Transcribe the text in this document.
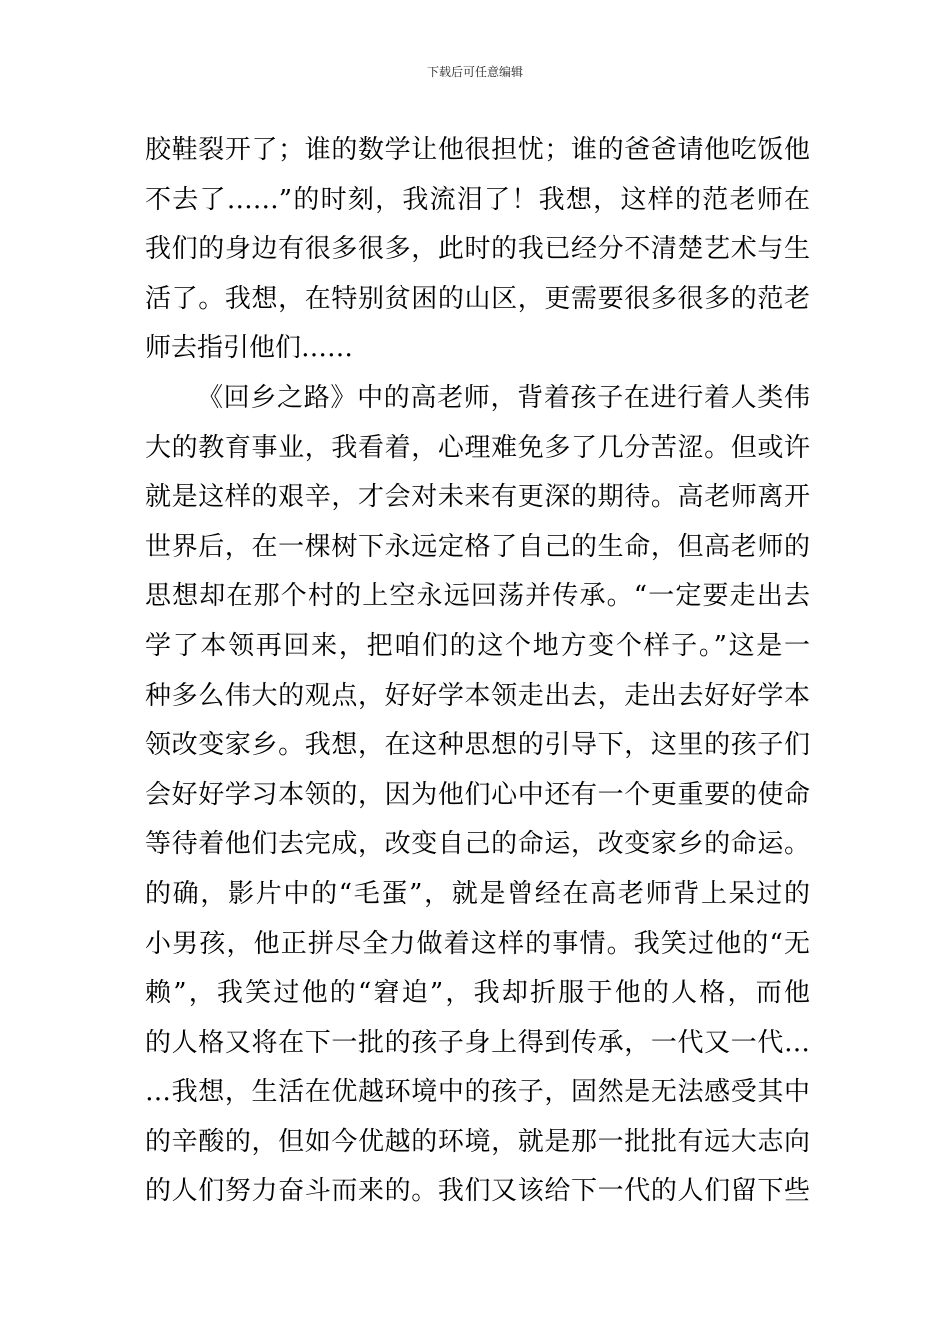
下载后可任意编辑
胶鞋裂开了；谁的数学让他很担忧；谁的爸爸请他吃饭他
不去了……”的时刻，我流泪了！我想，这样的范老师在
我们的身边有很多很多，此时的我已经分不清楚艺术与生
活了。我想，在特别贫困的山区，更需要很多很多的范老
师去指引他们……
《回乡之路》中的高老师，背着孩子在进行着人类伟
大的教育事业，我看着，心理难免多了几分苦涩。但或许
就是这样的艰辛，才会对未来有更深的期待。高老师离开
世界后，在一棵树下永远定格了自己的生命，但高老师的
思想却在那个村的上空永远回荡并传承。“一定要走出去
学了本领再回来，把咱们的这个地方变个样子。”这是一
种多么伟大的观点，好好学本领走出去，走出去好好学本
领改变家乡。我想，在这种思想的引导下，这里的孩子们
会好好学习本领的，因为他们心中还有一个更重要的使命
等待着他们去完成，改变自己的命运，改变家乡的命运。
的确，影片中的“毛蛋”，就是曾经在高老师背上呆过的
小男孩，他正拼尽全力做着这样的事情。我笑过他的“无
赖”，我笑过他的“窘迫”，我却折服于他的人格，而他
的人格又将在下一批的孩子身上得到传承，一代又一代…
…我想，生活在优越环境中的孩子，固然是无法感受其中
的辛酸的，但如今优越的环境，就是那一批批有远大志向
的人们努力奋斗而来的。我们又该给下一代的人们留下些
